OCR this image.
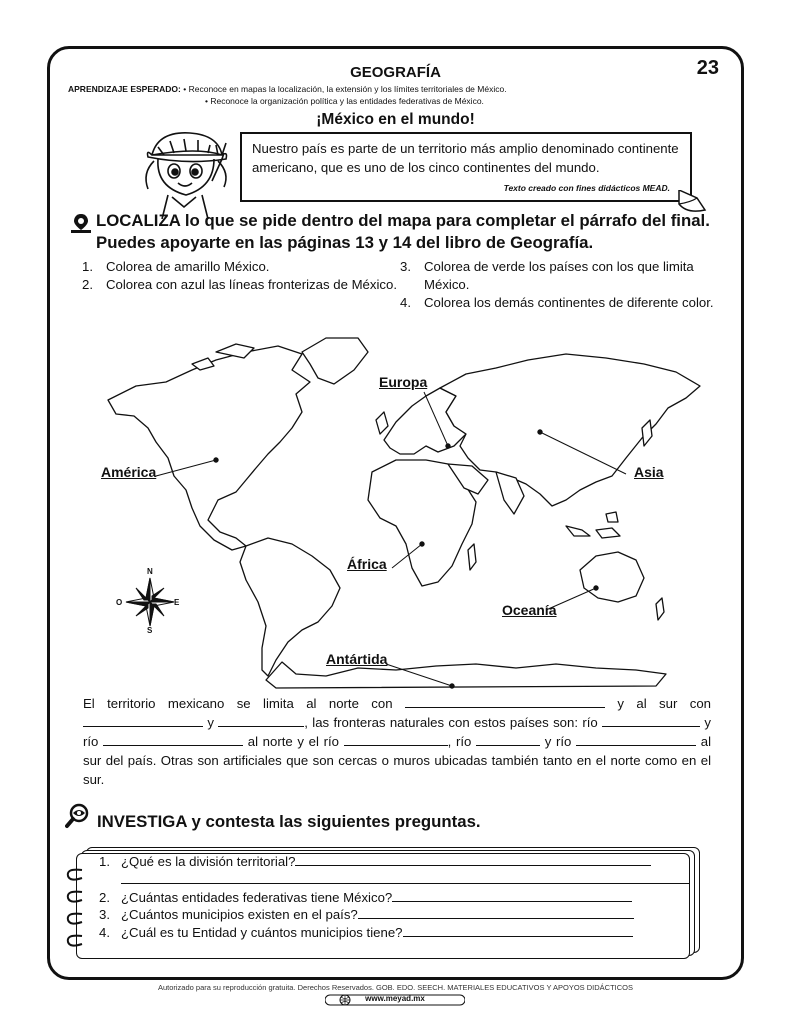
23
GEOGRAFÍA
APRENDIZAJE ESPERADO: • Reconoce en mapas la localización, la extensión y los límites territoriales de México.
• Reconoce la organización política y las entidades federativas de México.
¡México en el mundo!
Nuestro país es parte de un territorio más amplio denominado continente americano, que es uno de los cinco continentes del mundo.
Texto creado con fines didácticos MEAD.
LOCALIZA lo que se pide dentro del mapa para completar el párrafo del final. Puedes apoyarte en las páginas 13 y 14 del libro de Geografía.
1. Colorea de amarillo México.
2. Colorea con azul las líneas fronterizas de México.
3. Colorea de verde los países con los que limita México.
4. Colorea los demás continentes de diferente color.
Europa
América	Asia
África
Oceanía
Antártida
N
S
O	E
El territorio mexicano se limita al norte con	y al sur con  y	, las fronteras naturales con estos países son: río	y río	al norte y el río	, río	y río	al sur del país. Otras son artificiales que son cercas o muros ubicadas también tanto en el norte como en el sur.
INVESTIGA y contesta las siguientes preguntas.
1. ¿Qué es la división territorial?
2. ¿Cuántas entidades federativas tiene México?
3. ¿Cuántos municipios existen en el país?
4. ¿Cuál es tu Entidad y cuántos municipios tiene?
Autorizado para su reproducción gratuita. Derechos Reservados. GOB. EDO. SEECH. MATERIALES EDUCATIVOS Y APOYOS DIDÁCTICOS
www.meyad.mx
